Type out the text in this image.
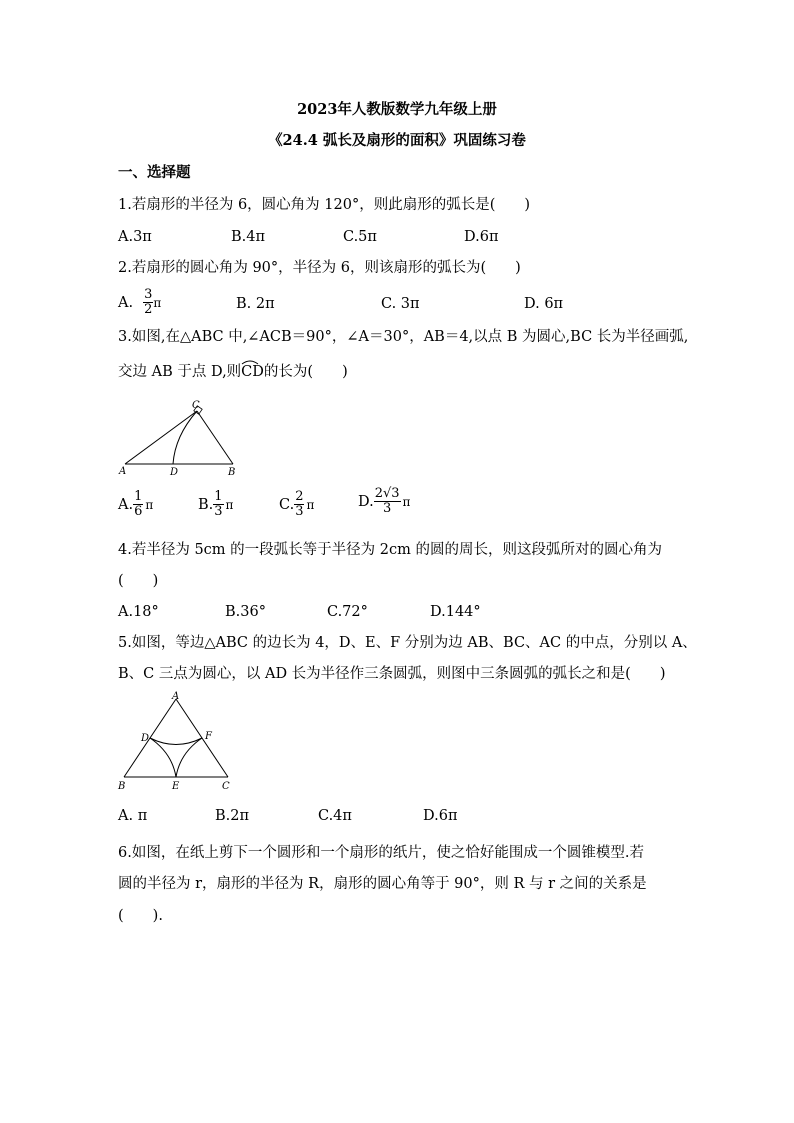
2023年人教版数学九年级上册
《24.4 弧长及扇形的面积》巩固练习卷
一、选择题
1.若扇形的半径为 6，圆心角为 120°，则此扇形的弧长是(　　)
A.3π	B.4π	C.5π	D.6π
2.若扇形的圆心角为 90°，半径为 6，则该扇形的弧长为(　　)
A. $\frac{3}{2}$ π	B. 2π	C. 3π	D. 6π
3.如图,在△ABC 中,∠ACB＝90°，∠A＝30°，AB＝4,以点 B 为圆心,BC 长为半径画弧,
交边 AB 于点 D,则CD
的长为(　　)
A	D	B
C
A. $\frac{1}{6}$ π	B. $\frac{1}{3}$ π	C. $\frac{2}{3}$ π	D. $\frac{2√3}{3}$ π
4.若半径为 5cm 的一段弧长等于半径为 2cm 的圆的周长，则这段弧所对的圆心角为
(　　)
A.18°	B.36°	C.72°	D.144°
5.如图，等边△ABC 的边长为 4，D、E、F 分别为边 AB、BC、AC 的中点，分别以 A、
B、C 三点为圆心，以 AD 长为半径作三条圆弧，则图中三条圆弧的弧长之和是(　　)
A
D	F
B	E	C
A. π	B.2π	C.4π	D.6π
6.如图，在纸上剪下一个圆形和一个扇形的纸片，使之恰好能围成一个圆锥模型.若
圆的半径为 r，扇形的半径为 R，扇形的圆心角等于 90°，则 R 与 r 之间的关系是
(　　).
